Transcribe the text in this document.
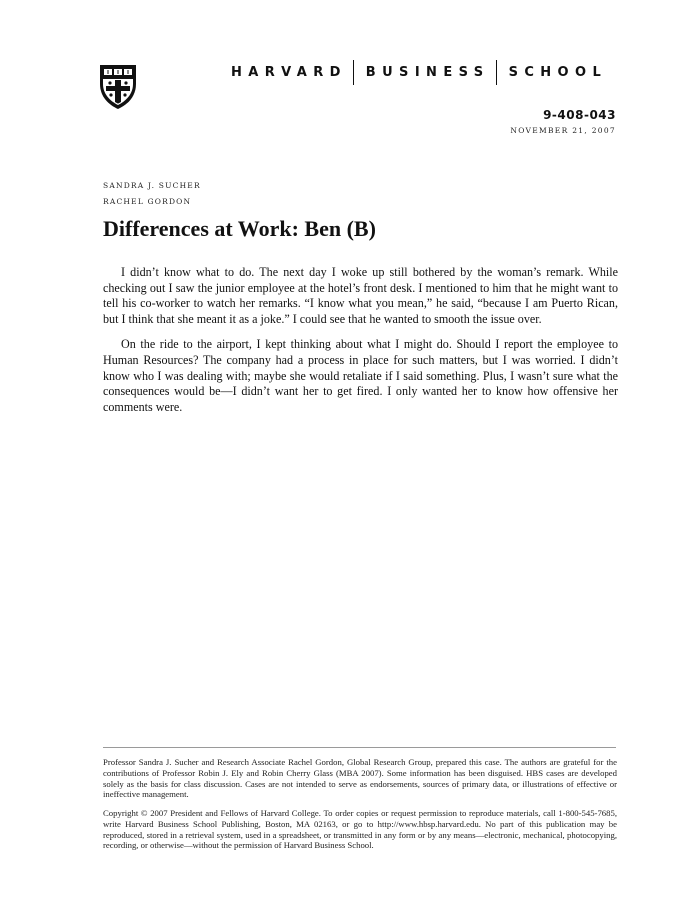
HARVARD BUSINESS SCHOOL
9-408-043
NOVEMBER 21, 2007
SANDRA J. SUCHER
RACHEL GORDON
Differences at Work: Ben (B)

I didn’t know what to do. The next day I woke up still bothered by the woman’s remark. While checking out I saw the junior employee at the hotel’s front desk. I mentioned to him that he might want to tell his co-worker to watch her remarks. “I know what you mean,” he said, “because I am Puerto Rican, but I think that she meant it as a joke.” I could see that he wanted to smooth the issue over.

On the ride to the airport, I kept thinking about what I might do. Should I report the employee to Human Resources? The company had a process in place for such matters, but I was worried. I didn’t know who I was dealing with; maybe she would retaliate if I said something. Plus, I wasn’t sure what the consequences would be—I didn’t want her to get fired. I only wanted her to know how offensive her comments were.

Professor Sandra J. Sucher and Research Associate Rachel Gordon, Global Research Group, prepared this case. The authors are grateful for the contributions of Professor Robin J. Ely and Robin Cherry Glass (MBA 2007). Some information has been disguised. HBS cases are developed solely as the basis for class discussion. Cases are not intended to serve as endorsements, sources of primary data, or illustrations of effective or ineffective management.

Copyright © 2007 President and Fellows of Harvard College. To order copies or request permission to reproduce materials, call 1-800-545-7685, write Harvard Business School Publishing, Boston, MA 02163, or go to http://www.hbsp.harvard.edu. No part of this publication may be reproduced, stored in a retrieval system, used in a spreadsheet, or transmitted in any form or by any means—electronic, mechanical, photocopying, recording, or otherwise—without the permission of Harvard Business School.
